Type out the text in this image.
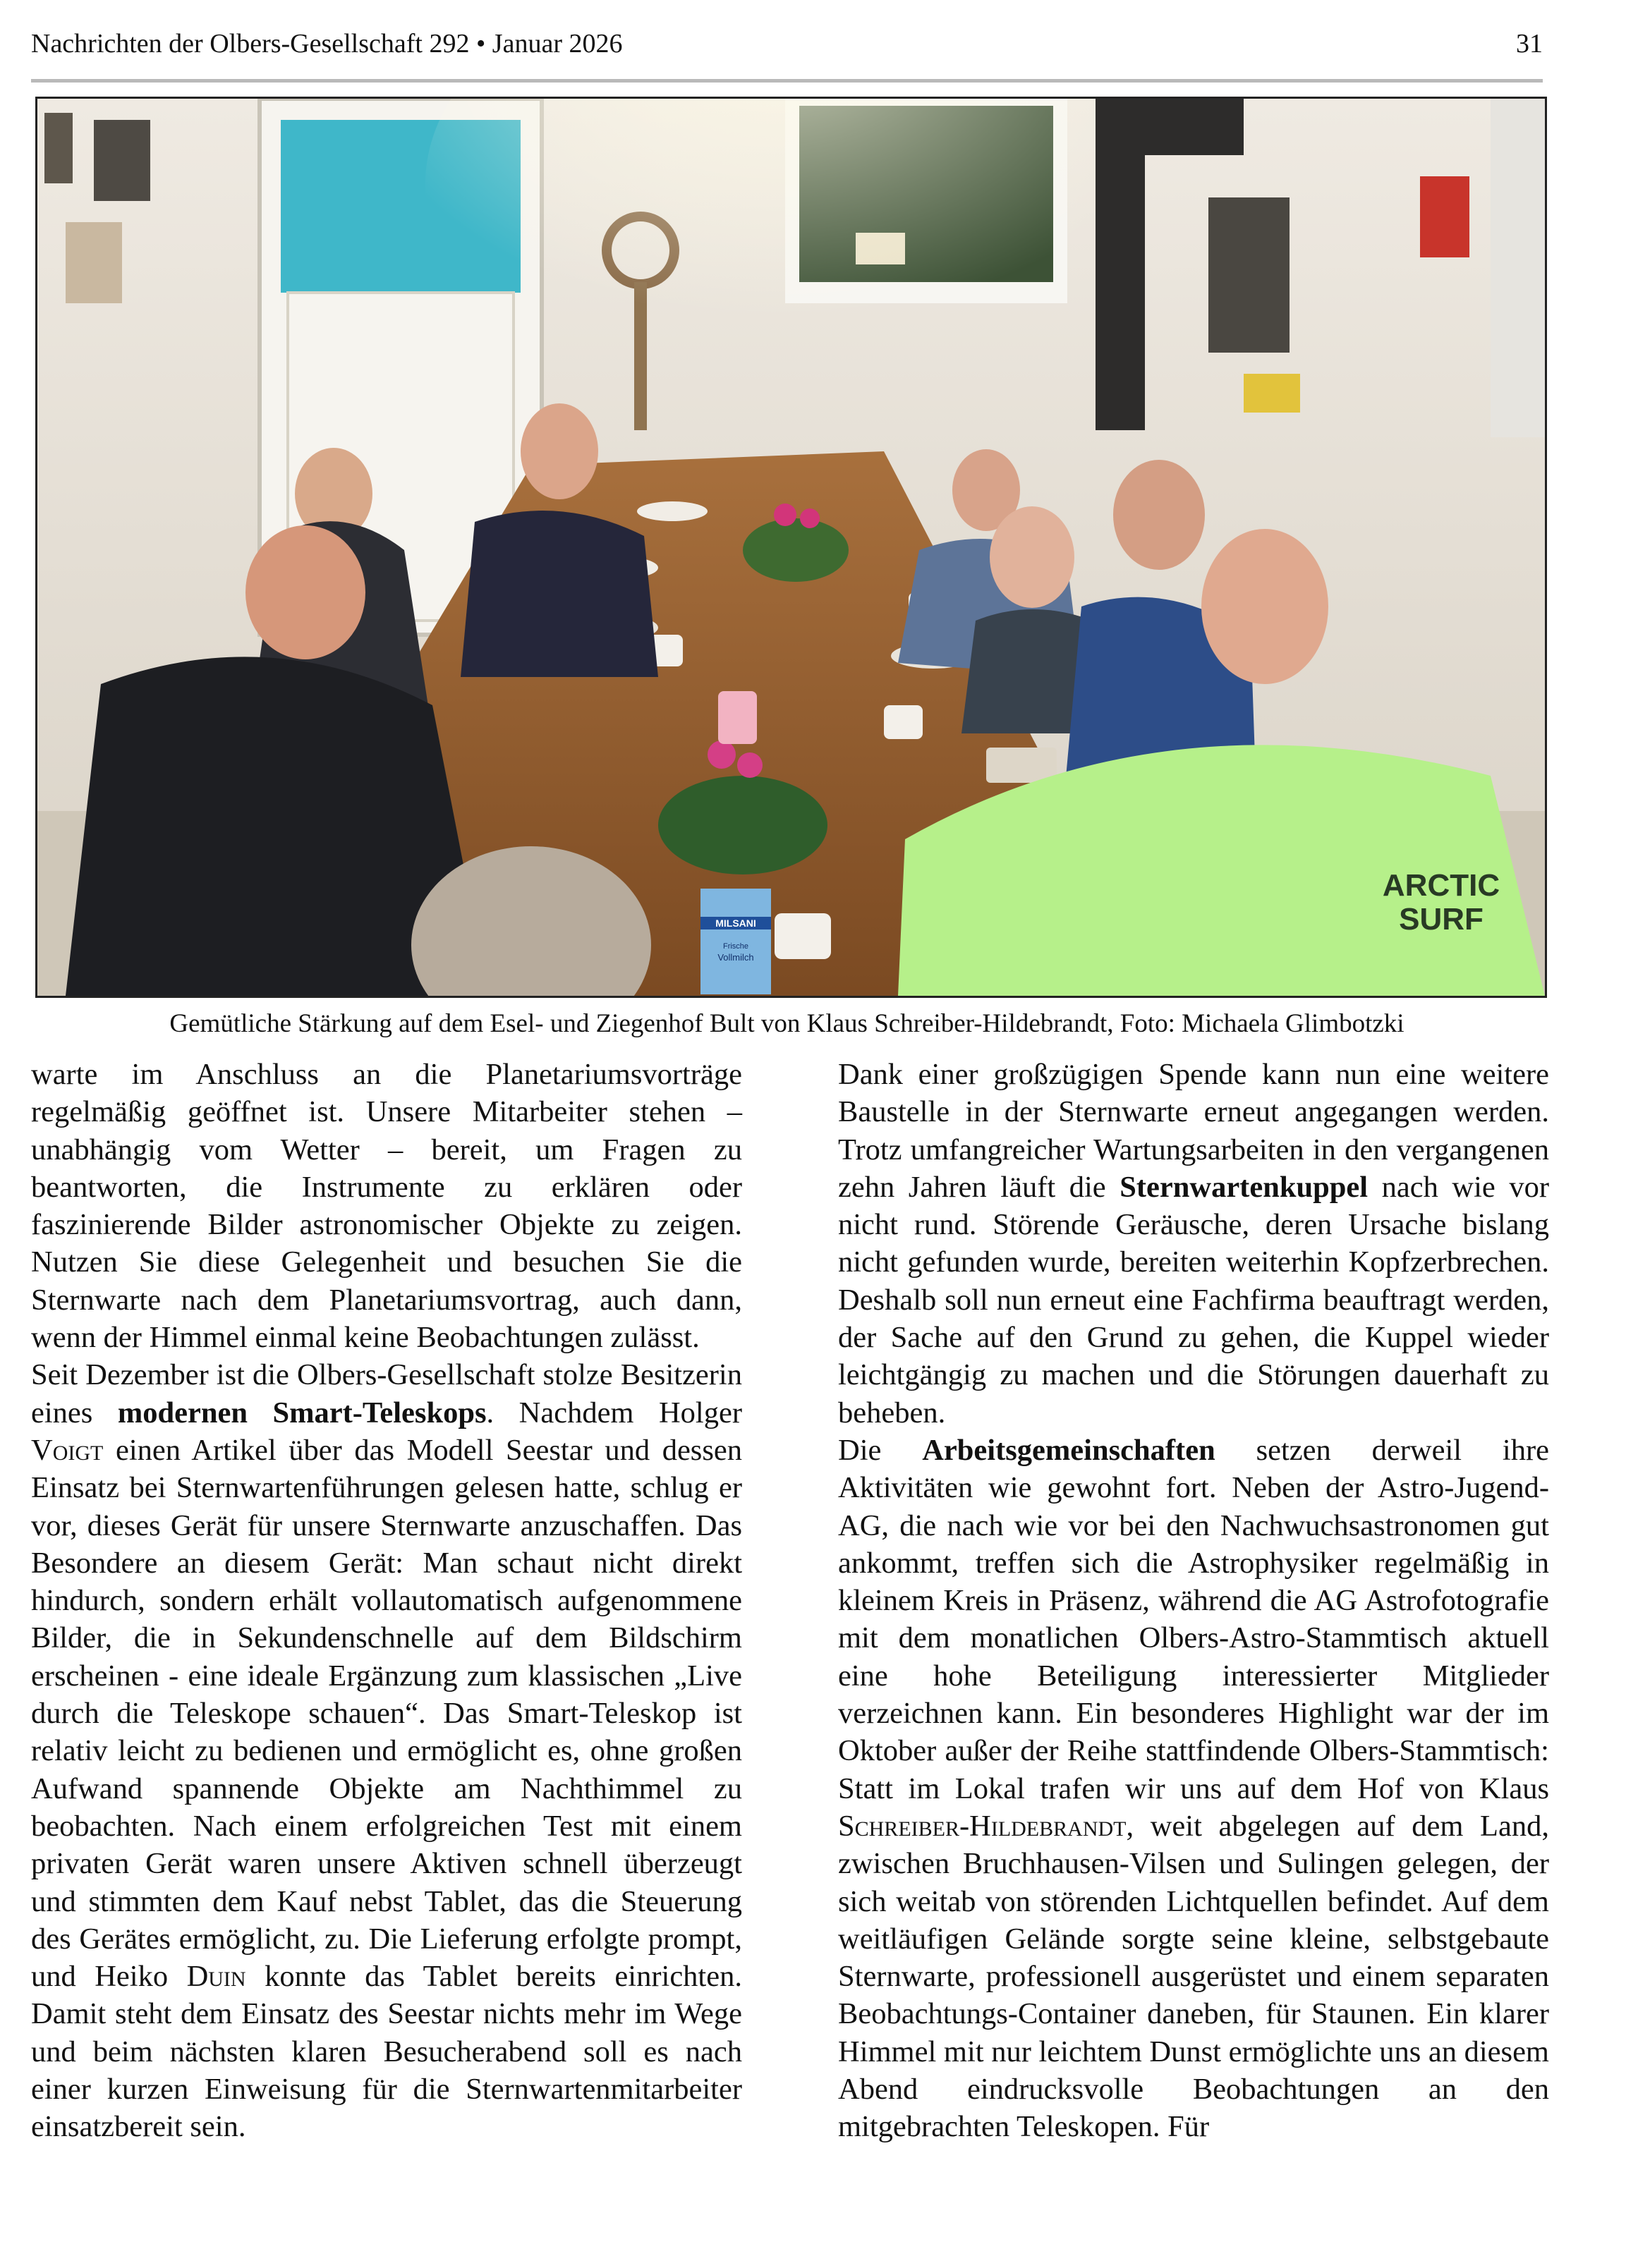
Nachrichten der Olbers-Gesellschaft 292 • Januar 2026	31
MILSANI
Frische
Vollmilch
ARCTIC
SURF
Gemütliche Stärkung auf dem Esel- und Ziegenhof Bult von Klaus Schreiber-Hildebrandt, Foto: Michaela Glimbotzki

warte im Anschluss an die Planetariumsvorträge regelmäßig geöffnet ist. Unsere Mitarbeiter stehen – unabhängig vom Wetter – bereit, um Fragen zu beantworten, die Instrumente zu erklären oder faszinierende Bilder astronomischer Objekte zu zeigen. Nutzen Sie diese Gelegenheit und besuchen Sie die Sternwarte nach dem Planetariumsvortrag, auch dann, wenn der Himmel einmal keine Beobachtungen zulässt.

Seit Dezember ist die Olbers-Gesellschaft stolze Besitzerin eines modernen Smart-Teleskops. Nachdem Holger Voigt einen Artikel über das Modell Seestar und dessen Einsatz bei Sternwartenführungen gelesen hatte, schlug er vor, dieses Gerät für unsere Sternwarte anzuschaffen. Das Besondere an diesem Gerät: Man schaut nicht direkt hindurch, sondern erhält vollautomatisch aufgenommene Bilder, die in Sekundenschnelle auf dem Bildschirm erscheinen - eine ideale Ergänzung zum klassischen „Live durch die Teleskope schauen“. Das Smart-Teleskop ist relativ leicht zu bedienen und ermöglicht es, ohne großen Aufwand spannende Objekte am Nachthimmel zu beobachten. Nach einem erfolgreichen Test mit einem privaten Gerät waren unsere Aktiven schnell überzeugt und stimmten dem Kauf nebst Tablet, das die Steuerung des Gerätes ermöglicht, zu. Die Lieferung erfolgte prompt, und Heiko Duin konnte das Tablet bereits einrichten. Damit steht dem Einsatz des Seestar nichts mehr im Wege und beim nächsten klaren Besucherabend soll es nach einer kurzen Einweisung für die Sternwartenmitarbeiter einsatzbereit sein.

Dank einer großzügigen Spende kann nun eine weitere Baustelle in der Sternwarte erneut angegangen werden. Trotz umfangreicher Wartungsarbeiten in den vergangenen zehn Jahren läuft die Sternwartenkuppel nach wie vor nicht rund. Störende Geräusche, deren Ursache bislang nicht gefunden wurde, bereiten weiterhin Kopfzerbrechen. Deshalb soll nun erneut eine Fachfirma beauftragt werden, der Sache auf den Grund zu gehen, die Kuppel wieder leichtgängig zu machen und die Störungen dauerhaft zu beheben.

Die Arbeitsgemeinschaften setzen derweil ihre Aktivitäten wie gewohnt fort. Neben der Astro-Jugend-AG, die nach wie vor bei den Nachwuchsastronomen gut ankommt, treffen sich die Astrophysiker regelmäßig in kleinem Kreis in Präsenz, während die AG Astrofotografie mit dem monatlichen Olbers-Astro-Stammtisch aktuell eine hohe Beteiligung interessierter Mitglieder verzeichnen kann. Ein besonderes Highlight war der im Oktober außer der Reihe stattfindende Olbers-Stammtisch: Statt im Lokal trafen wir uns auf dem Hof von Klaus Schreiber-Hildebrandt, weit abgelegen auf dem Land, zwischen Bruchhausen-Vilsen und Sulingen gelegen, der sich weitab von störenden Lichtquellen befindet. Auf dem weitläufigen Gelände sorgte seine kleine, selbstgebaute Sternwarte, professionell ausgerüstet und einem separaten Beobachtungs-Container daneben, für Staunen. Ein klarer Himmel mit nur leichtem Dunst ermöglichte uns an diesem Abend eindrucksvolle Beobachtungen an den mitgebrachten Teleskopen. Für
